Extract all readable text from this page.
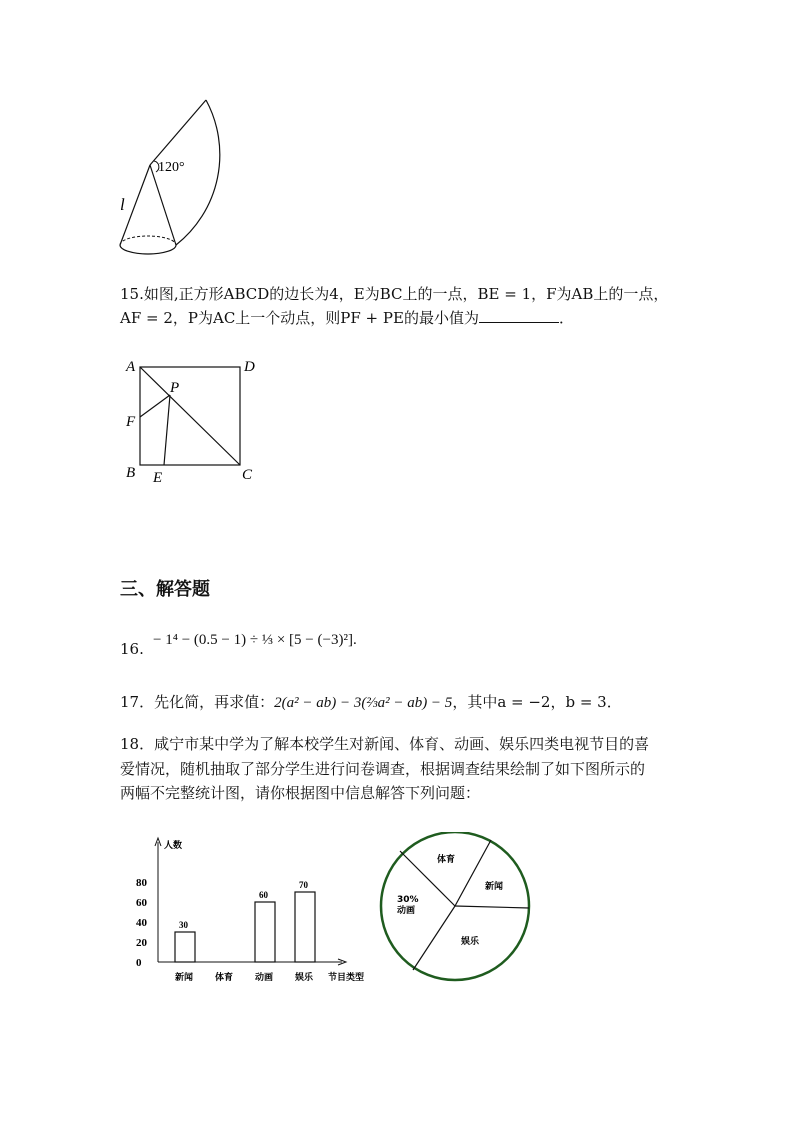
120°
l
15.如图,正方形ABCD的边长为4，E为BC上的一点，BE = 1，F为AB上的一点，
AF = 2，P为AC上一个动点，则PF + PE的最小值为	．
A	D
B	C
E
F
P
三、解答题
16. − 1⁴ − (0.5 − 1) ÷ ⅓ × [5 − (−3)²].
17．先化简，再求值：2(a² − ab) − 3(⅔a² − ab) − 5，其中a = −2，b = 3．
18．咸宁市某中学为了解本校学生对新闻、体育、动画、娱乐四类电视节目的喜
爱情况，随机抽取了部分学生进行问卷调查，根据调查结果绘制了如下图所示的
两幅不完整统计图，请你根据图中信息解答下列问题：
人数
节目类型
0
20
40
60
80
30
新闻 体育
60
动画
70
娱乐
体育
新闻
娱乐
30%
动画
